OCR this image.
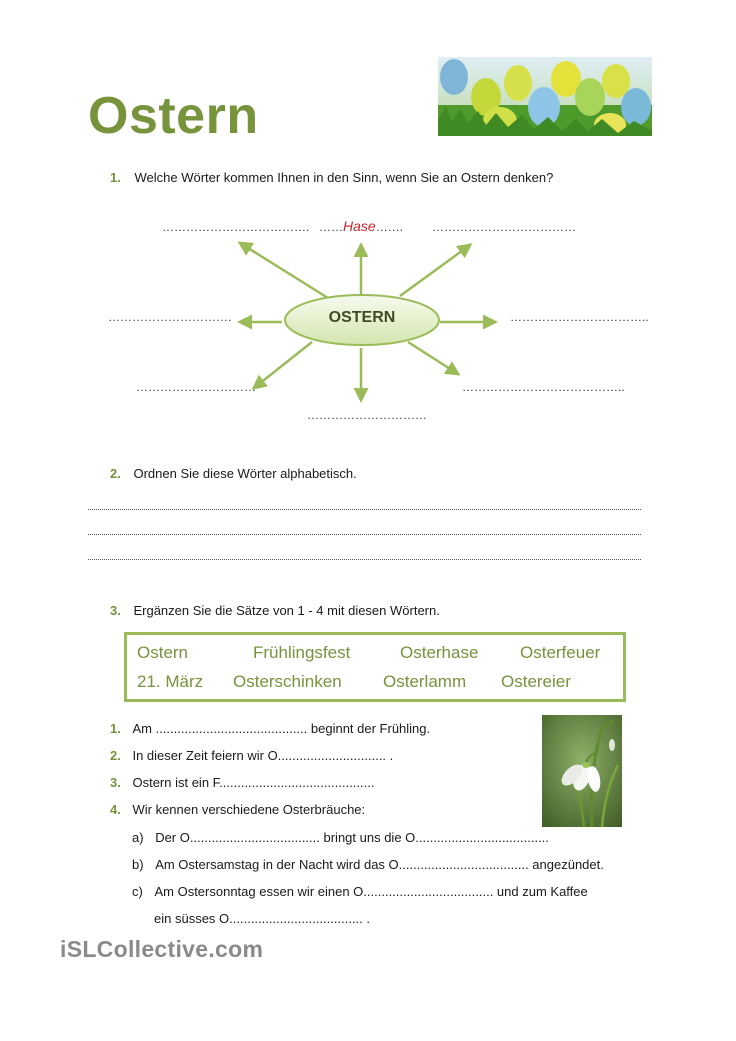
Ostern
1. Welche Wörter kommen Ihnen in den Sinn, wenn Sie an Ostern denken?
OSTERN
………………………………. ……Hase……. ………………………………
………………………….	……………………………..
…………………………	…………………………………..
…………………………
2. Ordnen Sie diese Wörter alphabetisch.
3. Ergänzen Sie die Sätze von 1 - 4 mit diesen Wörtern.
Ostern	Frühlingsfest	Osterhase Osterfeuer
21. März Osterschinken Osterlamm Ostereier
1. Am .......................................... beginnt der Frühling.
2. In dieser Zeit feiern wir O.............................. .
3. Ostern ist ein F...........................................
4. Wir kennen verschiedene Osterbräuche:
a) Der O.................................... bringt uns die O.....................................
b) Am Ostersamstag in der Nacht wird das O.................................... angezündet.
c) Am Ostersonntag essen wir einen O.................................... und zum Kaffee
ein süsses O..................................... .
iSLCollective.com
